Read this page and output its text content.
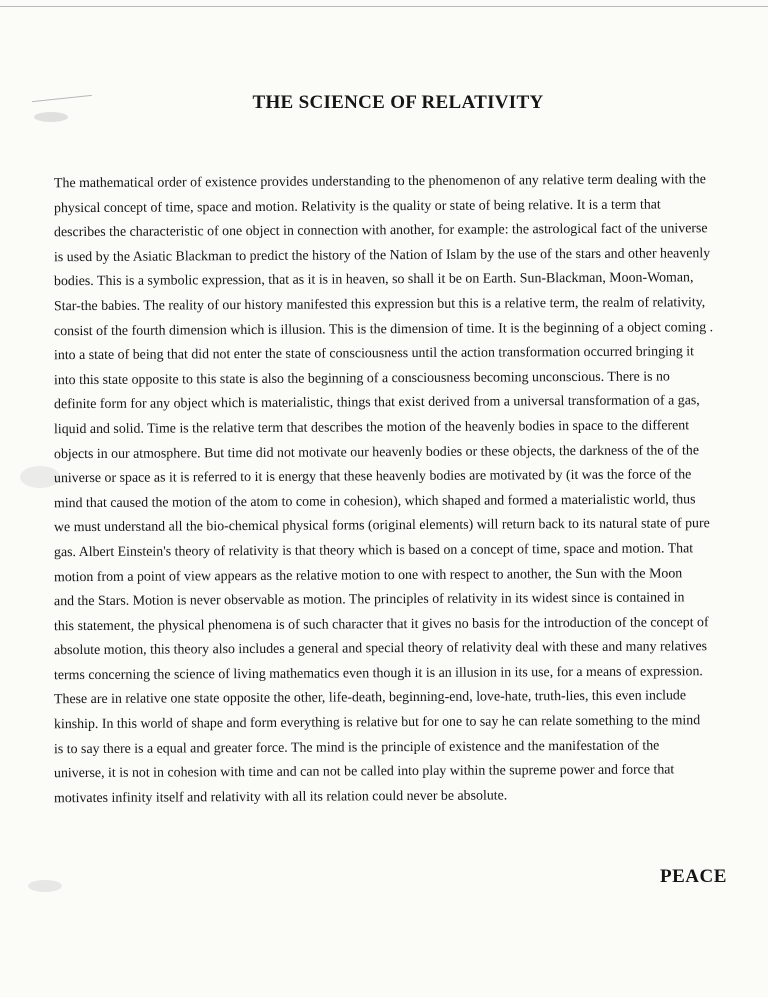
THE SCIENCE OF RELATIVITY
The mathematical order of existence provides understanding to the phenomenon of any relative term dealing with the
physical concept of time, space and motion. Relativity is the quality or state of being relative. It is a term that
describes the characteristic of one object in connection with another, for example: the astrological fact of the universe
is used by the Asiatic Blackman to predict the history of the Nation of Islam by the use of the stars and other heavenly
bodies. This is a symbolic expression, that as it is in heaven, so shall it be on Earth. Sun-Blackman, Moon-Woman,
Star-the babies. The reality of our history manifested this expression but this is a relative term, the realm of relativity,
consist of the fourth dimension which is illusion. This is the dimension of time. It is the beginning of a object coming .
into a state of being that did not enter the state of consciousness until the action transformation occurred bringing it
into this state opposite to this state is also the beginning of a consciousness becoming unconscious. There is no
definite form for any object which is materialistic, things that exist derived from a universal transformation of a gas,
liquid and solid. Time is the relative term that describes the motion of the heavenly bodies in space to the different
objects in our atmosphere. But time did not motivate our heavenly bodies or these objects, the darkness of the of the
universe or space as it is referred to it is energy that these heavenly bodies are motivated by (it was the force of the
mind that caused the motion of the atom to come in cohesion), which shaped and formed a materialistic world, thus
we must understand all the bio-chemical physical forms (original elements) will return back to its natural state of pure
gas. Albert Einstein's theory of relativity is that theory which is based on a concept of time, space and motion. That
motion from a point of view appears as the relative motion to one with respect to another, the Sun with the Moon
and the Stars. Motion is never observable as motion. The principles of relativity in its widest since is contained in
this statement, the physical phenomena is of such character that it gives no basis for the introduction of the concept of
absolute motion, this theory also includes a general and special theory of relativity deal with these and many relatives
terms concerning the science of living mathematics even though it is an illusion in its use, for a means of expression.
These are in relative one state opposite the other, life-death, beginning-end, love-hate, truth-lies, this even include
kinship. In this world of shape and form everything is relative but for one to say he can relate something to the mind
is to say there is a equal and greater force. The mind is the principle of existence and the manifestation of the
universe, it is not in cohesion with time and can not be called into play within the supreme power and force that
motivates infinity itself and relativity with all its relation could never be absolute.
PEACE
